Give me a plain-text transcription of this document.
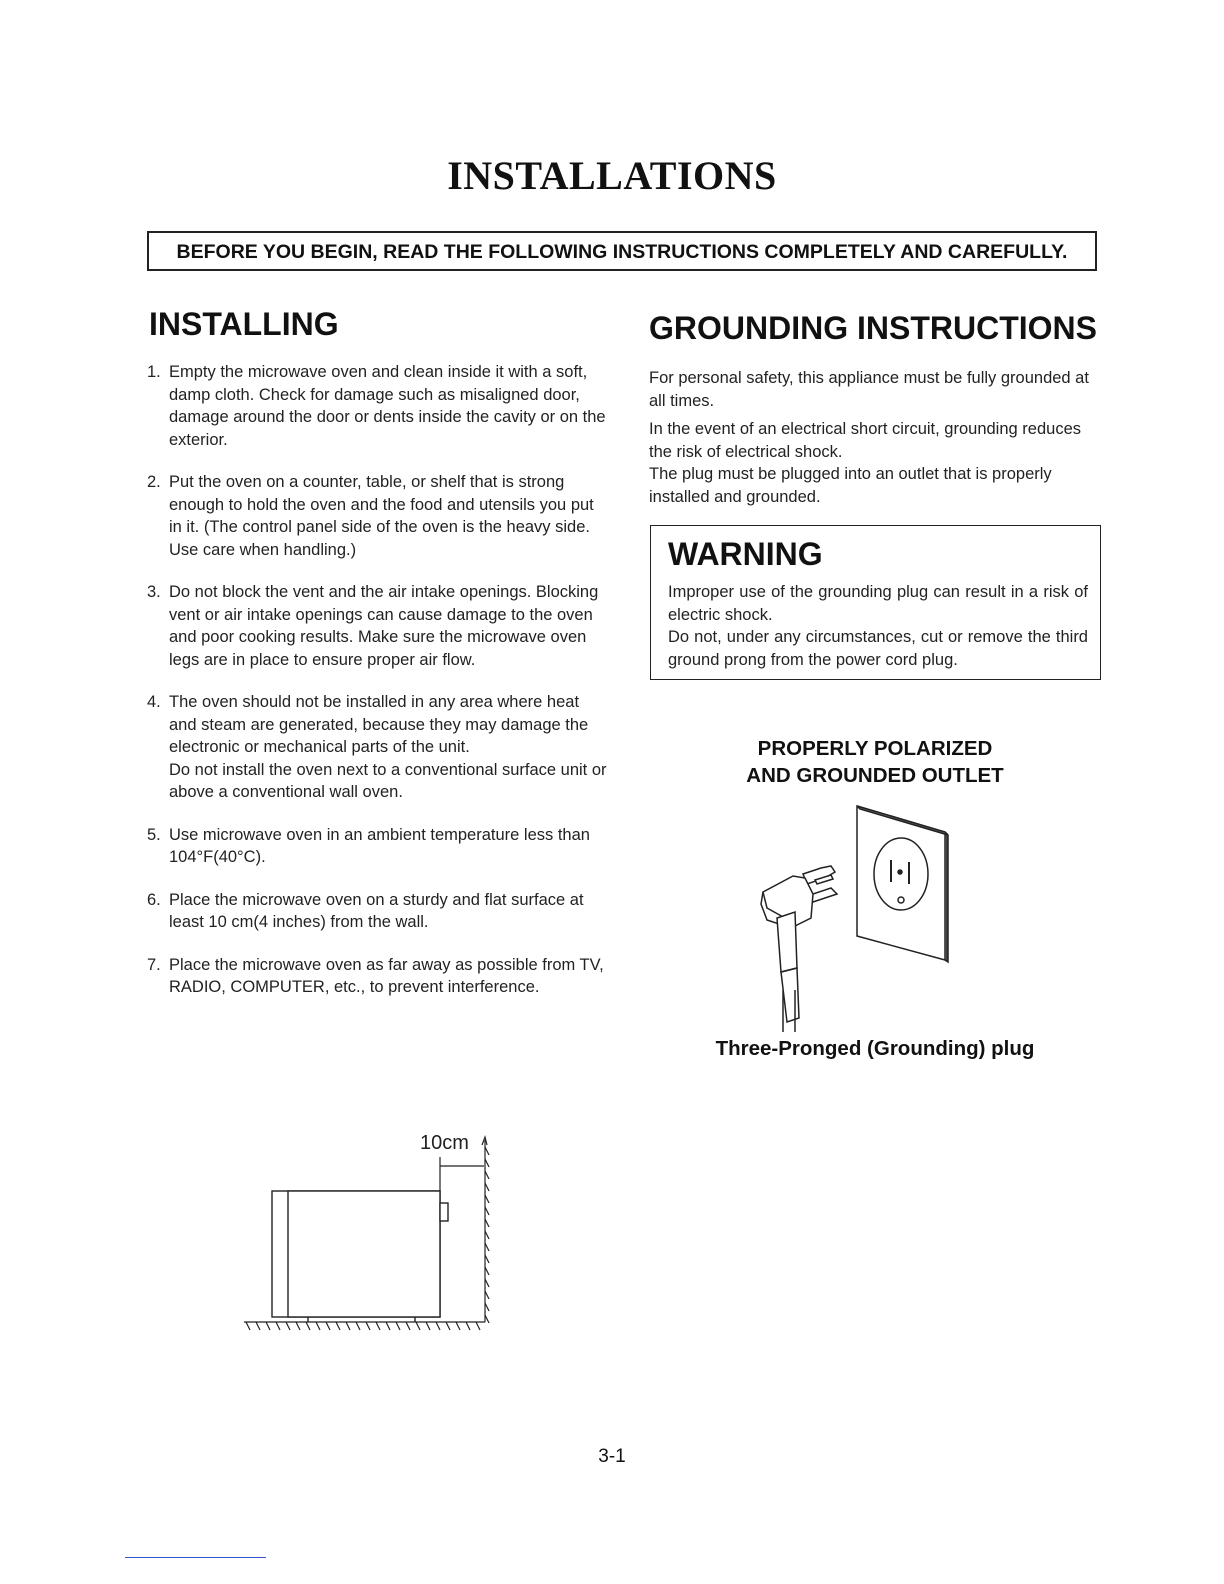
INSTALLATIONS
BEFORE YOU BEGIN, READ THE FOLLOWING INSTRUCTIONS COMPLETELY AND CAREFULLY.
INSTALLING
1. Empty the microwave oven and clean inside it with a soft, damp cloth. Check for damage such as misaligned door, damage around the door or dents inside the cavity or on the exterior.

2. Put the oven on a counter, table, or shelf that is strong enough to hold the oven and the food and utensils you put in it. (The control panel side of the oven is the heavy side. Use care when handling.)

3. Do not block the vent and the air intake openings. Blocking vent or air intake openings can cause damage to the oven and poor cooking results. Make sure the microwave oven legs are in place to ensure proper air flow.

4. The oven should not be installed in any area where heat and steam are generated, because they may damage the electronic or mechanical parts of the unit.

Do not install the oven next to a conventional surface unit or above a conventional wall oven.

5. Use microwave oven in an ambient temperature less than 104°F(40°C).

6. Place the microwave oven on a sturdy and flat surface at least 10 cm(4 inches) from the wall.

7. Place the microwave oven as far away as possible from TV, RADIO, COMPUTER, etc., to prevent interference.

10cm
GROUNDING INSTRUCTIONS

For personal safety, this appliance must be fully grounded at all times.

In the event of an electrical short circuit, grounding reduces the risk of electrical shock.

The plug must be plugged into an outlet that is properly installed and grounded.

WARNING

Improper use of the grounding plug can result in a risk of electric shock.

Do not, under any circumstances, cut or remove the third ground prong from the power cord plug.

PROPERLY POLARIZED
AND GROUNDED OUTLET
Three-Pronged (Grounding) plug
3-1
